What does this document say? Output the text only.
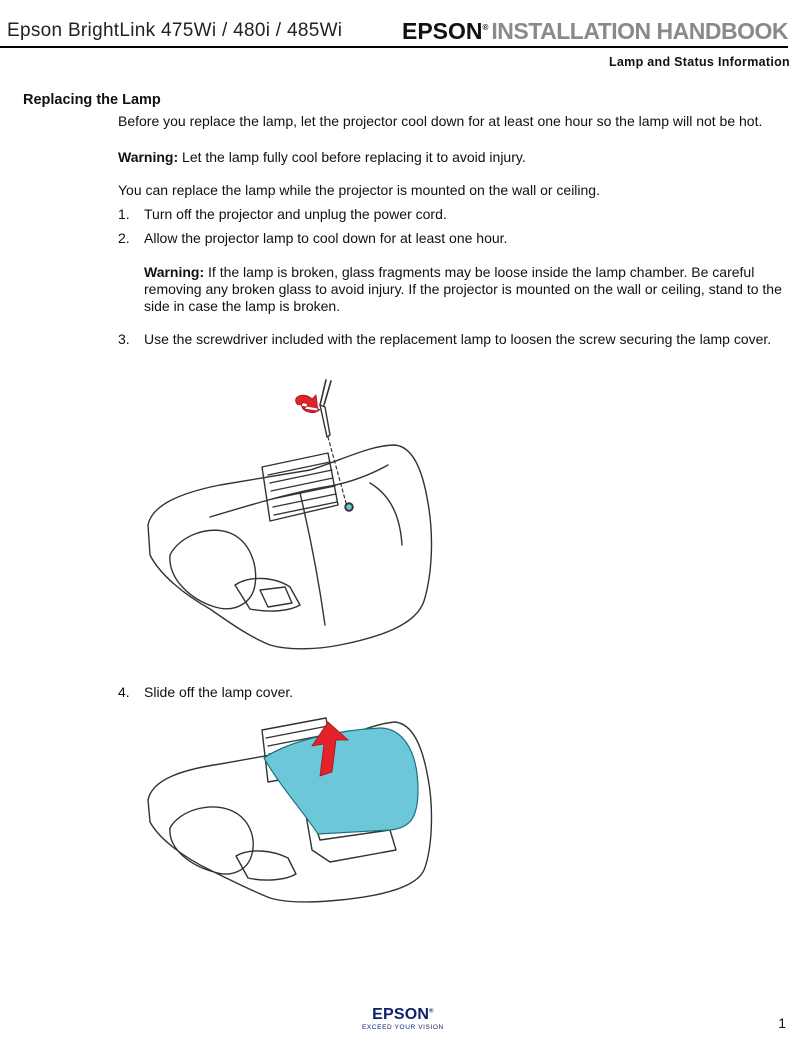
Epson BrightLink 475Wi / 480i / 485Wi	EPSON® INSTALLATION HANDBOOK
Lamp and Status Information
Replacing the Lamp
Before you replace the lamp, let the projector cool down for at least one hour so the lamp will not be hot.
Warning: Let the lamp fully cool before replacing it to avoid injury.
You can replace the lamp while the projector is mounted on the wall or ceiling.
1. Turn off the projector and unplug the power cord.
2. Allow the projector lamp to cool down for at least one hour.
Warning: If the lamp is broken, glass fragments may be loose inside the lamp chamber. Be careful removing any broken glass to avoid injury. If the projector is mounted on the wall or ceiling, stand to the side in case the lamp is broken.
3. Use the screwdriver included with the replacement lamp to loosen the screw securing the lamp cover.
4. Slide off the lamp cover.
EPSON®
EXCEED YOUR VISION	1
